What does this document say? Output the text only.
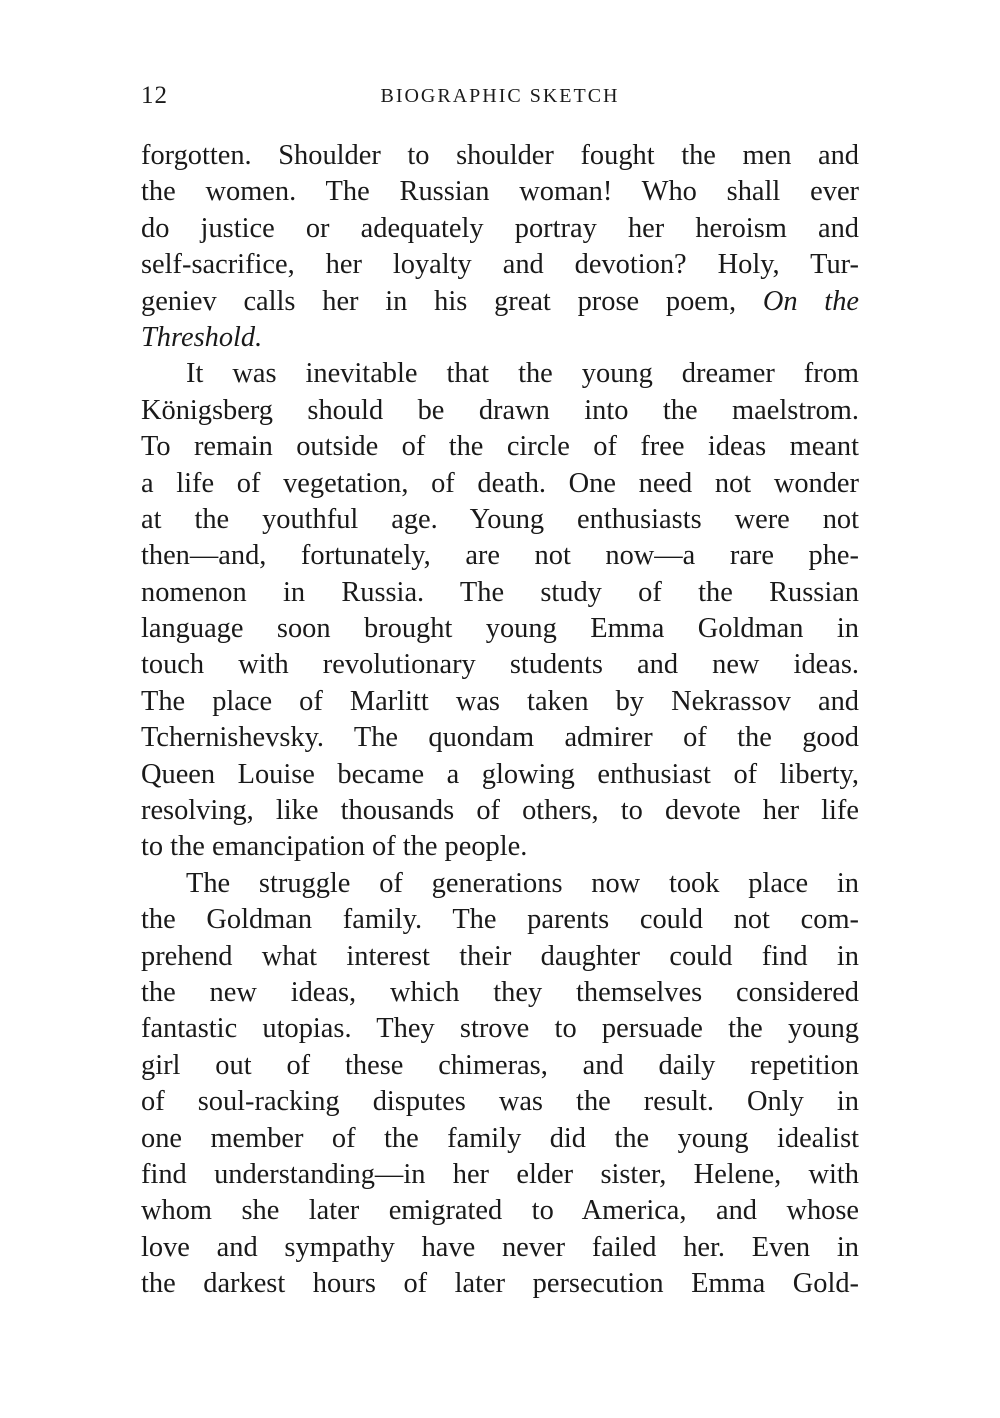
12	BIOGRAPHIC SKETCH
forgotten. Shoulder to shoulder fought the men and
the women. The Russian woman! Who shall ever
do justice or adequately portray her heroism and
self-sacrifice, her loyalty and devotion? Holy, Tur-
geniev calls her in his great prose poem, On the
Threshold.
It was inevitable that the young dreamer from
Königsberg should be drawn into the maelstrom.
To remain outside of the circle of free ideas meant
a life of vegetation, of death. One need not wonder
at the youthful age. Young enthusiasts were not
then—and, fortunately, are not now—a rare phe-
nomenon in Russia. The study of the Russian
language soon brought young Emma Goldman in
touch with revolutionary students and new ideas.
The place of Marlitt was taken by Nekrassov and
Tchernishevsky. The quondam admirer of the good
Queen Louise became a glowing enthusiast of liberty,
resolving, like thousands of others, to devote her life
to the emancipation of the people.
The struggle of generations now took place in
the Goldman family. The parents could not com-
prehend what interest their daughter could find in
the new ideas, which they themselves considered
fantastic utopias. They strove to persuade the young
girl out of these chimeras, and daily repetition
of soul-racking disputes was the result. Only in
one member of the family did the young idealist
find understanding—in her elder sister, Helene, with
whom she later emigrated to America, and whose
love and sympathy have never failed her. Even in
the darkest hours of later persecution Emma Gold-
